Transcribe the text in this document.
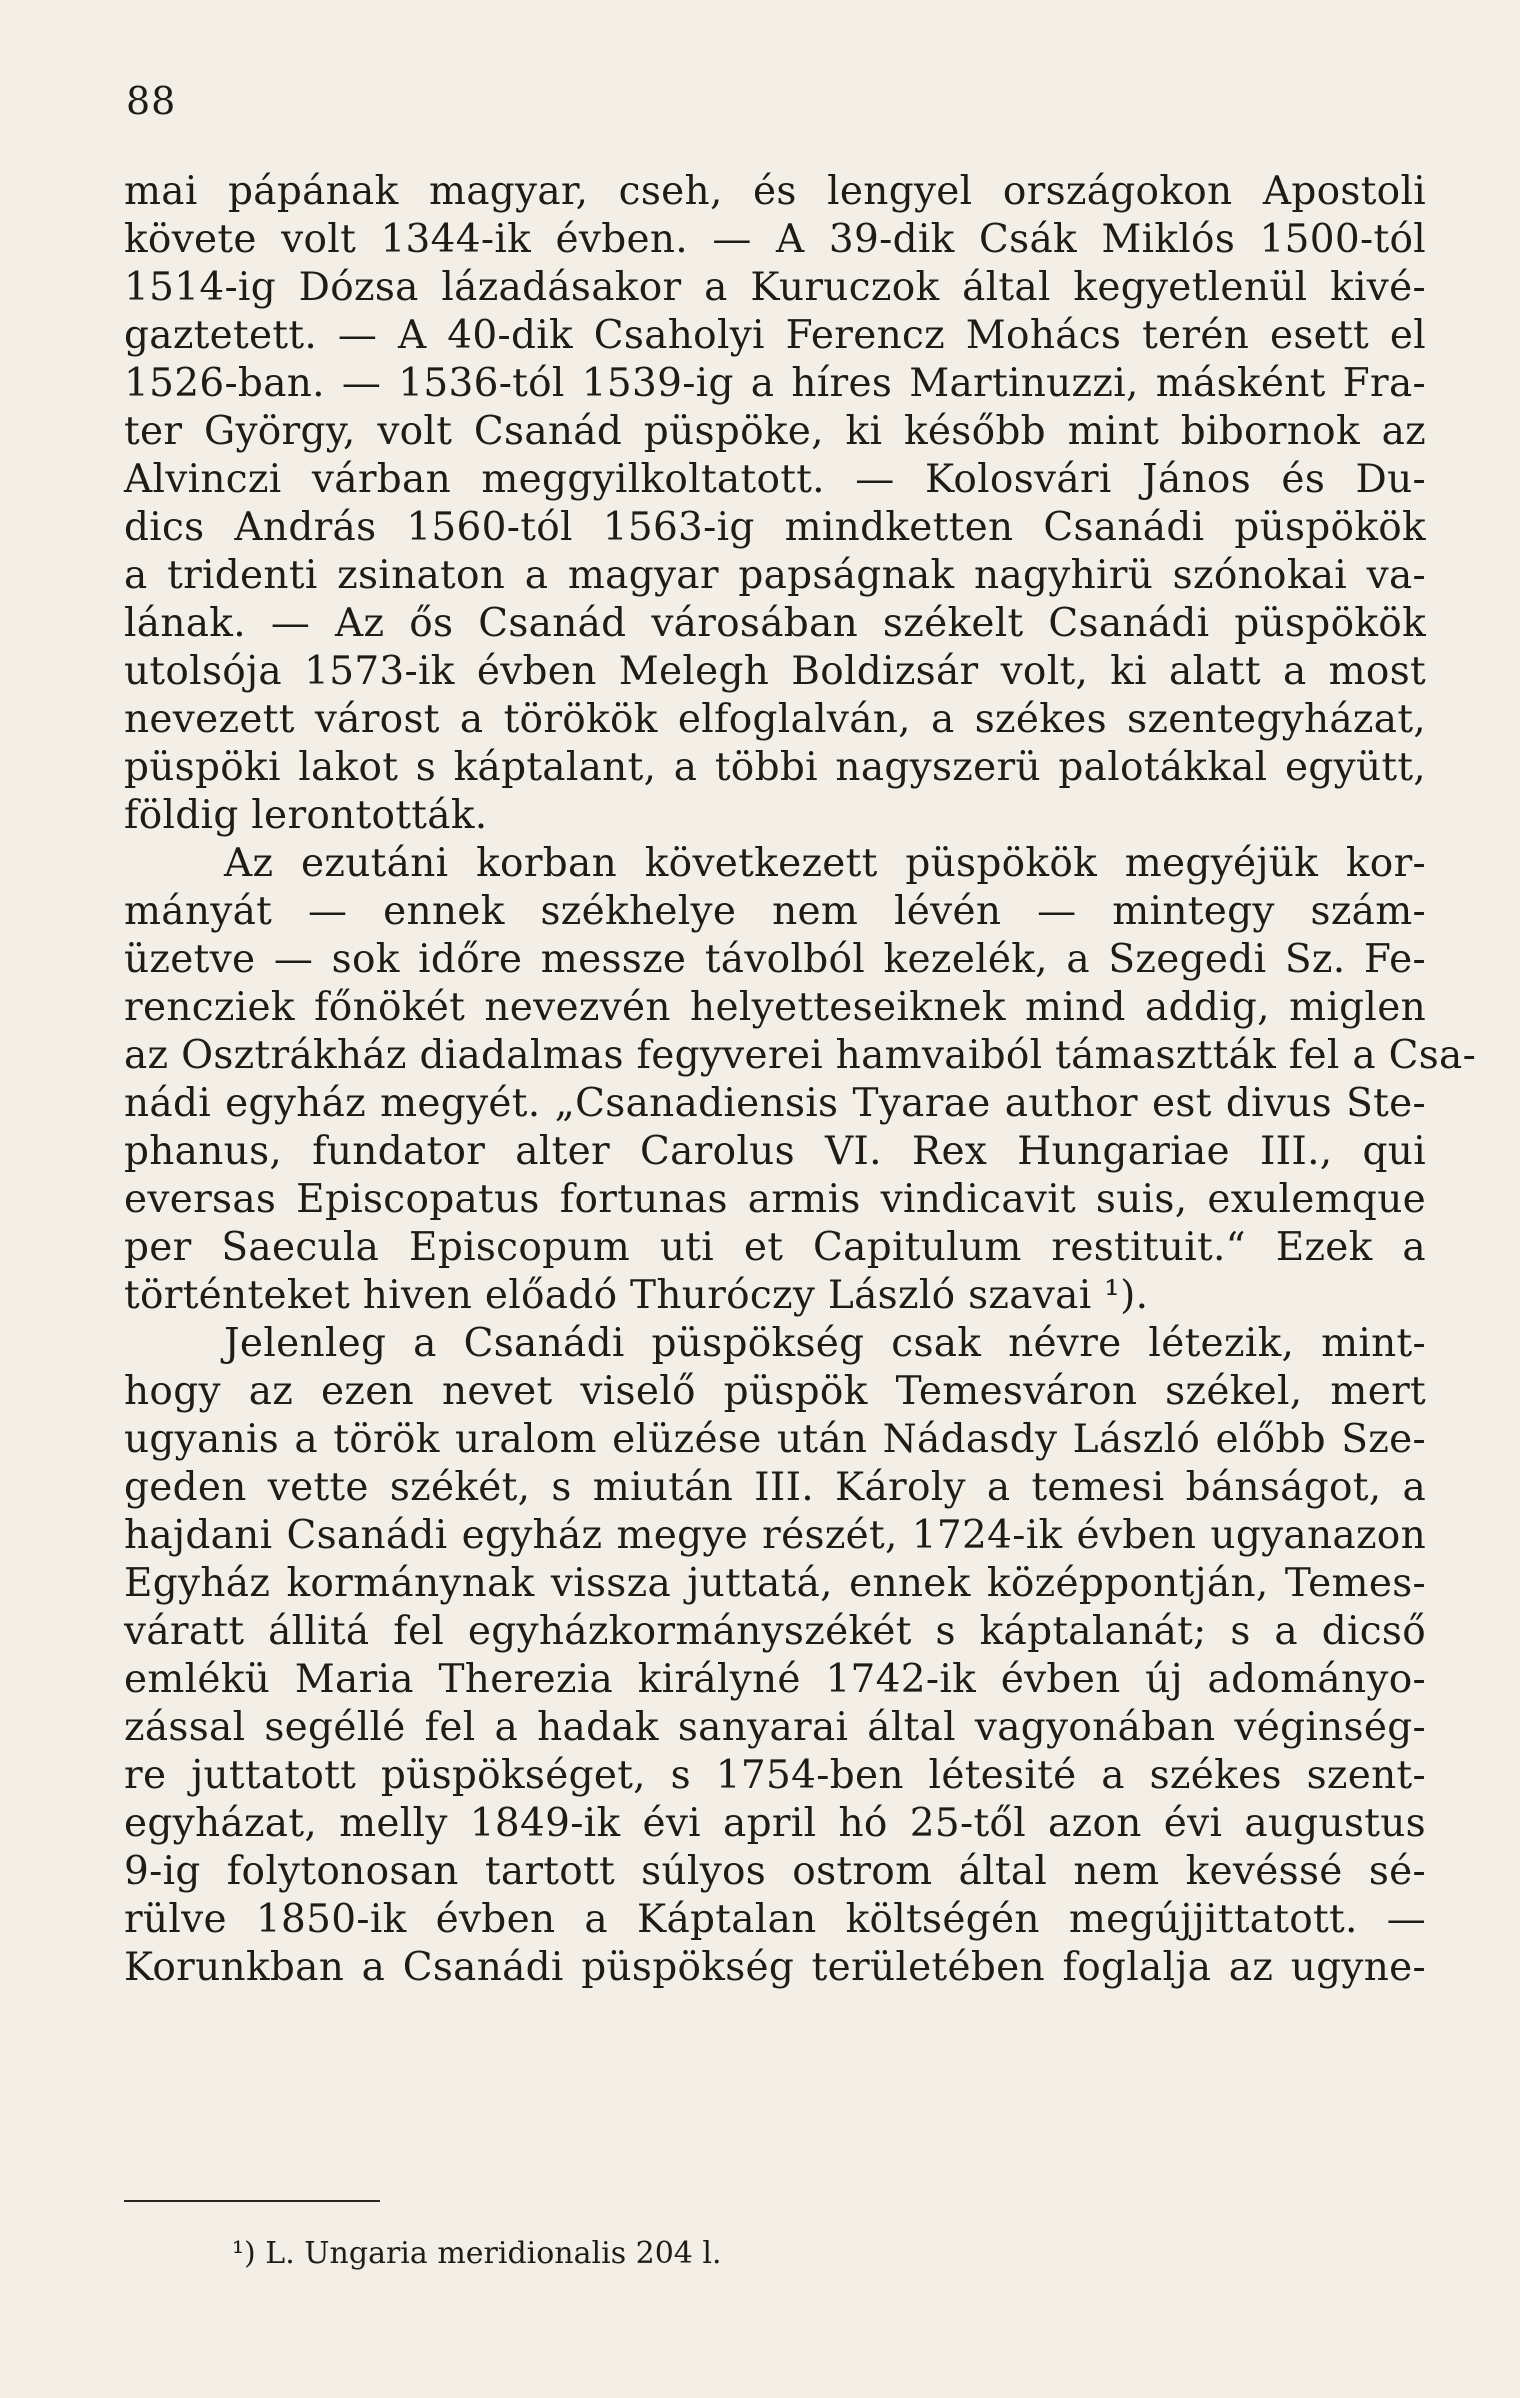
88
mai pápának magyar, cseh, és lengyel országokon Apostoli
követe volt 1344-ik évben. — A 39-dik Csák Miklós 1500-tól
1514-ig Dózsa lázadásakor a Kuruczok által kegyetlenül kivé-
gaztetett. — A 40-dik Csaholyi Ferencz Mohács terén esett el
1526-ban. — 1536-tól 1539-ig a híres Martinuzzi, másként Fra-
ter György, volt Csanád püspöke, ki később mint bibornok az
Alvinczi várban meggyilkoltatott. — Kolosvári János és Du-
dics András 1560-tól 1563-ig mindketten Csanádi püspökök
a tridenti zsinaton a magyar papságnak nagyhirü szónokai va-
lának. — Az ős Csanád városában székelt Csanádi püspökök
utolsója 1573-ik évben Melegh Boldizsár volt, ki alatt a most
nevezett várost a törökök elfoglalván, a székes szentegyházat,
püspöki lakot s káptalant, a többi nagyszerü palotákkal együtt,
földig lerontották.
Az ezutáni korban következett püspökök megyéjük kor-
mányát — ennek székhelye nem lévén — mintegy szám-
üzetve — sok időre messze távolból kezelék, a Szegedi Sz. Fe-
rencziek főnökét nevezvén helyetteseiknek mind addig, miglen
az Osztrákház diadalmas fegyverei hamvaiból támasztták fel a Csa-
nádi egyház megyét. „Csanadiensis Tyarae author est divus Ste-
phanus, fundator alter Carolus VI. Rex Hungariae III., qui
eversas Episcopatus fortunas armis vindicavit suis, exulemque
per Saecula Episcopum uti et Capitulum restituit.“ Ezek a
történteket hiven előadó Thuróczy László szavai ¹).
Jelenleg a Csanádi püspökség csak névre létezik, mint-
hogy az ezen nevet viselő püspök Temesváron székel, mert
ugyanis a török uralom elüzése után Nádasdy László előbb Sze-
geden vette székét, s miután III. Károly a temesi bánságot, a
hajdani Csanádi egyház megye részét, 1724-ik évben ugyanazon
Egyház kormánynak vissza juttatá, ennek középpontján, Temes-
váratt állitá fel egyházkormányszékét s káptalanát; s a dicső
emlékü Maria Therezia királyné 1742-ik évben új adományo-
zással segéllé fel a hadak sanyarai által vagyonában véginség-
re juttatott püspökséget, s 1754-ben létesité a székes szent-
egyházat, melly 1849-ik évi april hó 25-től azon évi augustus
9-ig folytonosan tartott súlyos ostrom által nem kevéssé sé-
rülve 1850-ik évben a Káptalan költségén megújjittatott. —
Korunkban a Csanádi püspökség területében foglalja az ugyne-
¹) L. Ungaria meridionalis 204 l.
